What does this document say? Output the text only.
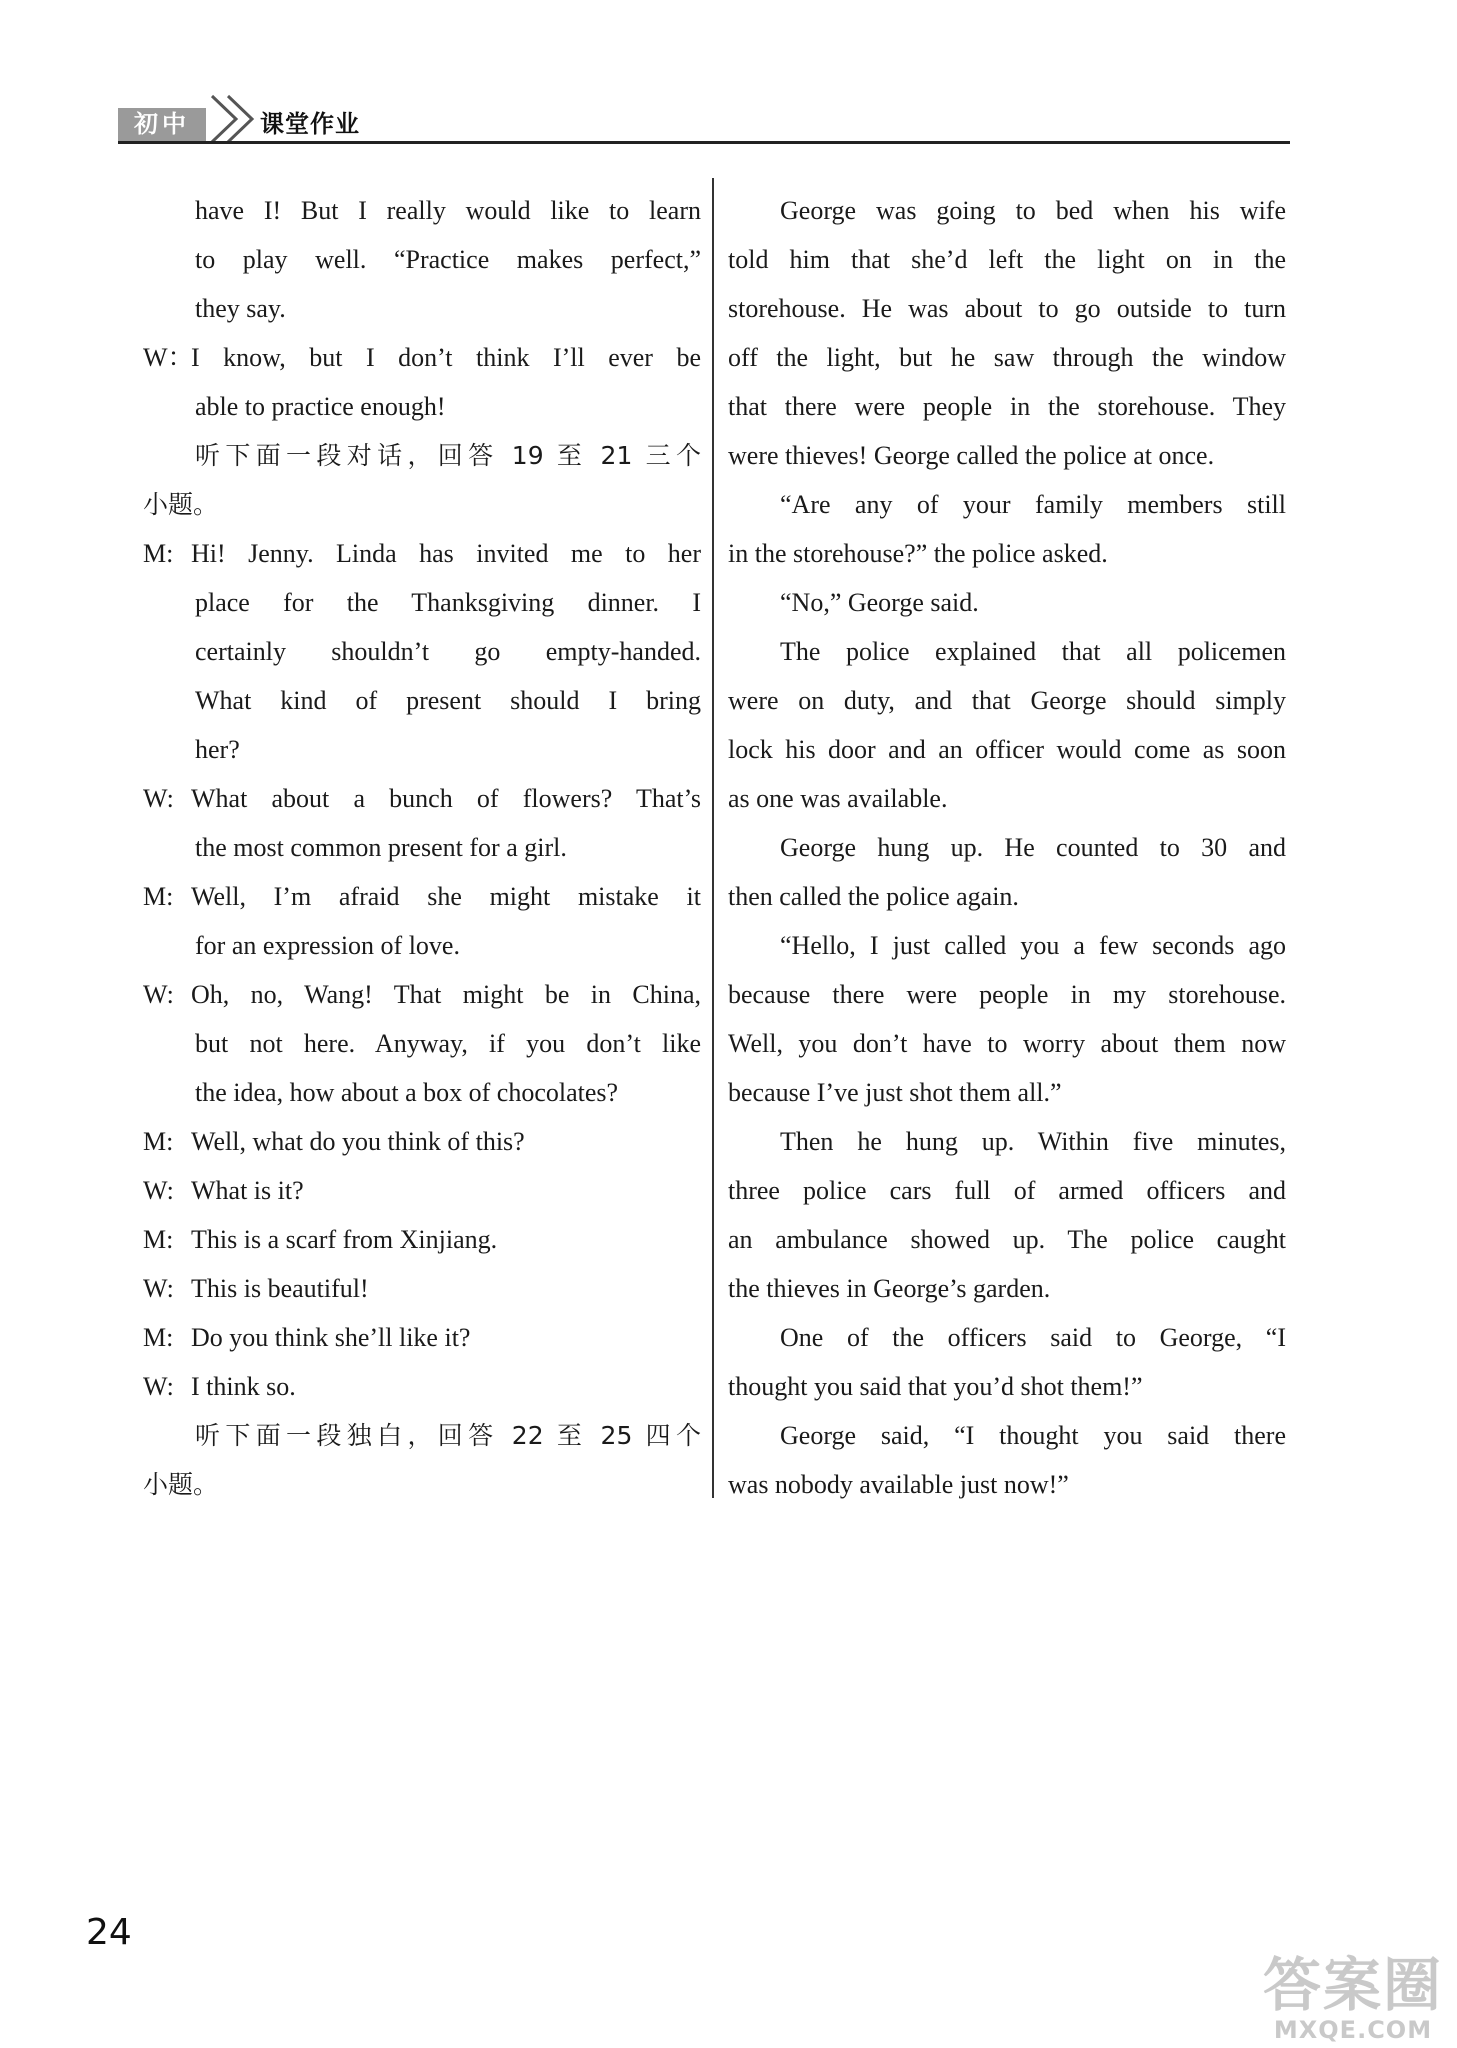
初中	课堂作业
have I! But I really would like to learn
to play well. “Practice makes perfect,”
they say.
W：
I know, but I don’t think I’ll ever be
able to practice enough!
听下面一段对话，回答 19 至 21 三个
小题。
M: Hi! Jenny. Linda has invited me to her
place for the Thanksgiving dinner. I
certainly shouldn’t go empty-handed.
What kind of present should I bring
her?
W: What about a bunch of flowers? That’s
the most common present for a girl.
M: Well, I’m afraid she might mistake it
for an expression of love.
W: Oh, no, Wang! That might be in China,
but not here. Anyway, if you don’t like
the idea, how about a box of chocolates?
M: Well, what do you think of this?
W: What is it?
M: This is a scarf from Xinjiang.
W: This is beautiful!
M: Do you think she’ll like it?
W: I think so.
听下面一段独白，回答 22 至 25 四个
小题。
George was going to bed when his wife
told him that she’d left the light on in the
storehouse. He was about to go outside to turn
off the light, but he saw through the window
that there were people in the storehouse. They
were thieves! George called the police at once.
“Are any of your family members still
in the storehouse?” the police asked.
“No,” George said.
The police explained that all policemen
were on duty, and that George should simply
lock his door and an officer would come as soon
as one was available.
George hung up. He counted to 30 and
then called the police again.
“Hello, I just called you a few seconds ago
because there were people in my storehouse.
Well, you don’t have to worry about them now
because I’ve just shot them all.”
Then he hung up. Within five minutes,
three police cars full of armed officers and
an ambulance showed up. The police caught
the thieves in George’s garden.
One of the officers said to George, “I
thought you said that you’d shot them!”
George said, “I thought you said there
was nobody available just now!”
24
答案圈
MXQE.COM
